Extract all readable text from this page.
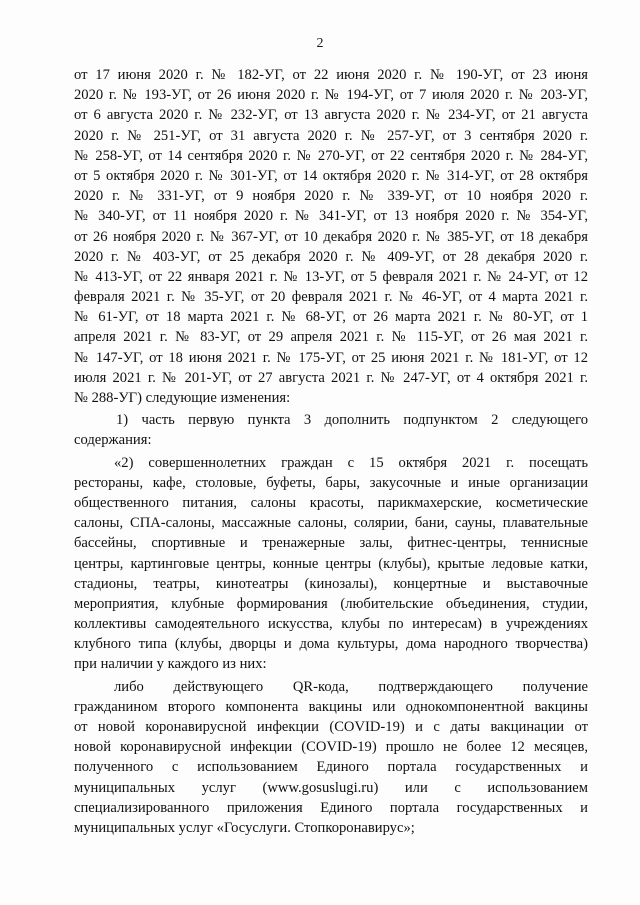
2
от 17 июня 2020 г. № 182-УГ, от 22 июня 2020 г. № 190-УГ, от 23 июня
2020 г. № 193-УГ, от 26 июня 2020 г. № 194-УГ, от 7 июля 2020 г. № 203-УГ,
от 6 августа 2020 г. № 232-УГ, от 13 августа 2020 г. № 234-УГ, от 21 августа
2020 г. № 251-УГ, от 31 августа 2020 г. № 257-УГ, от 3 сентября 2020 г.
№ 258-УГ, от 14 сентября 2020 г. № 270-УГ, от 22 сентября 2020 г. № 284-УГ,
от 5 октября 2020 г. № 301-УГ, от 14 октября 2020 г. № 314-УГ, от 28 октября
2020 г. № 331-УГ, от 9 ноября 2020 г. № 339-УГ, от 10 ноября 2020 г.
№ 340-УГ, от 11 ноября 2020 г. № 341-УГ, от 13 ноября 2020 г. № 354-УГ,
от 26 ноября 2020 г. № 367-УГ, от 10 декабря 2020 г. № 385-УГ, от 18 декабря
2020 г. № 403-УГ, от 25 декабря 2020 г. № 409-УГ, от 28 декабря 2020 г.
№ 413-УГ, от 22 января 2021 г. № 13-УГ, от 5 февраля 2021 г. № 24-УГ, от 12
февраля 2021 г. № 35-УГ, от 20 февраля 2021 г. № 46-УГ, от 4 марта 2021 г.
№ 61-УГ, от 18 марта 2021 г. № 68-УГ, от 26 марта 2021 г. № 80-УГ, от 1
апреля 2021 г. № 83-УГ, от 29 апреля 2021 г. № 115-УГ, от 26 мая 2021 г.
№ 147-УГ, от 18 июня 2021 г. № 175-УГ, от 25 июня 2021 г. № 181-УГ, от 12
июля 2021 г. № 201-УГ, от 27 августа 2021 г. № 247-УГ, от 4 октября 2021 г.
№ 288-УГ) следующие изменения:
1) часть первую пункта 3 дополнить подпунктом 2 следующего
содержания:
«2) совершеннолетних граждан с 15 октября 2021 г. посещать
рестораны, кафе, столовые, буфеты, бары, закусочные и иные организации
общественного питания, салоны красоты, парикмахерские, косметические
салоны, СПА-салоны, массажные салоны, солярии, бани, сауны, плавательные
бассейны, спортивные и тренажерные залы, фитнес-центры, теннисные
центры, картинговые центры, конные центры (клубы), крытые ледовые катки,
стадионы, театры, кинотеатры (кинозалы), концертные и выставочные
мероприятия, клубные формирования (любительские объединения, студии,
коллективы самодеятельного искусства, клубы по интересам) в учреждениях
клубного типа (клубы, дворцы и дома культуры, дома народного творчества)
при наличии у каждого из них:
либо действующего QR-кода, подтверждающего получение
гражданином второго компонента вакцины или однокомпонентной вакцины
от новой коронавирусной инфекции (COVID-19) и с даты вакцинации от
новой коронавирусной инфекции (COVID-19) прошло не более 12 месяцев,
полученного с использованием Единого портала государственных и
муниципальных услуг (www.gosuslugi.ru) или с использованием
специализированного приложения Единого портала государственных и
муниципальных услуг «Госуслуги. Стопкоронавирус»;
